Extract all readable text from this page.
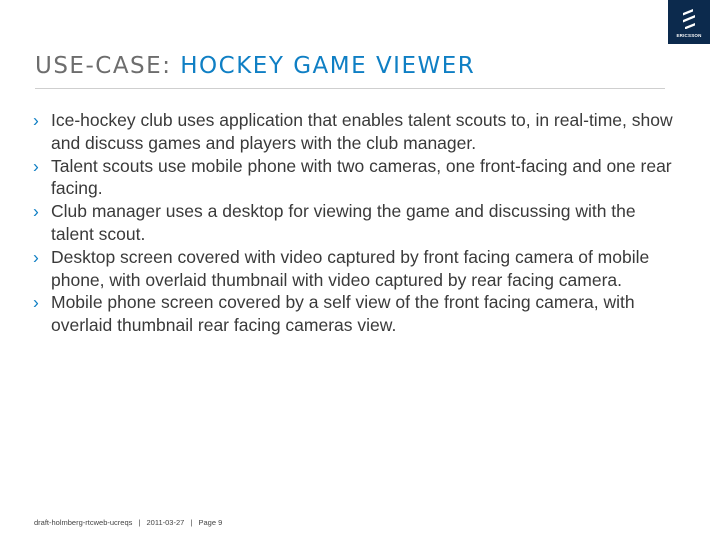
ERICSSON
USE-CASE: HOCKEY GAME VIEWER
› Ice-hockey club uses application that enables talent scouts to, in real-time, show and discuss games and players with the club manager.
› Talent scouts use mobile phone with two cameras, one front-facing and one rear facing.
› Club manager uses a desktop for viewing the game and discussing with the talent scout.
› Desktop screen covered with video captured by front facing camera of mobile phone, with overlaid thumbnail with video captured by rear facing camera.
› Mobile phone screen covered by a self view of the front facing camera, with overlaid thumbnail rear facing cameras view.
draft-holmberg-rtcweb-ucreqs | 2011-03-27 | Page 9
